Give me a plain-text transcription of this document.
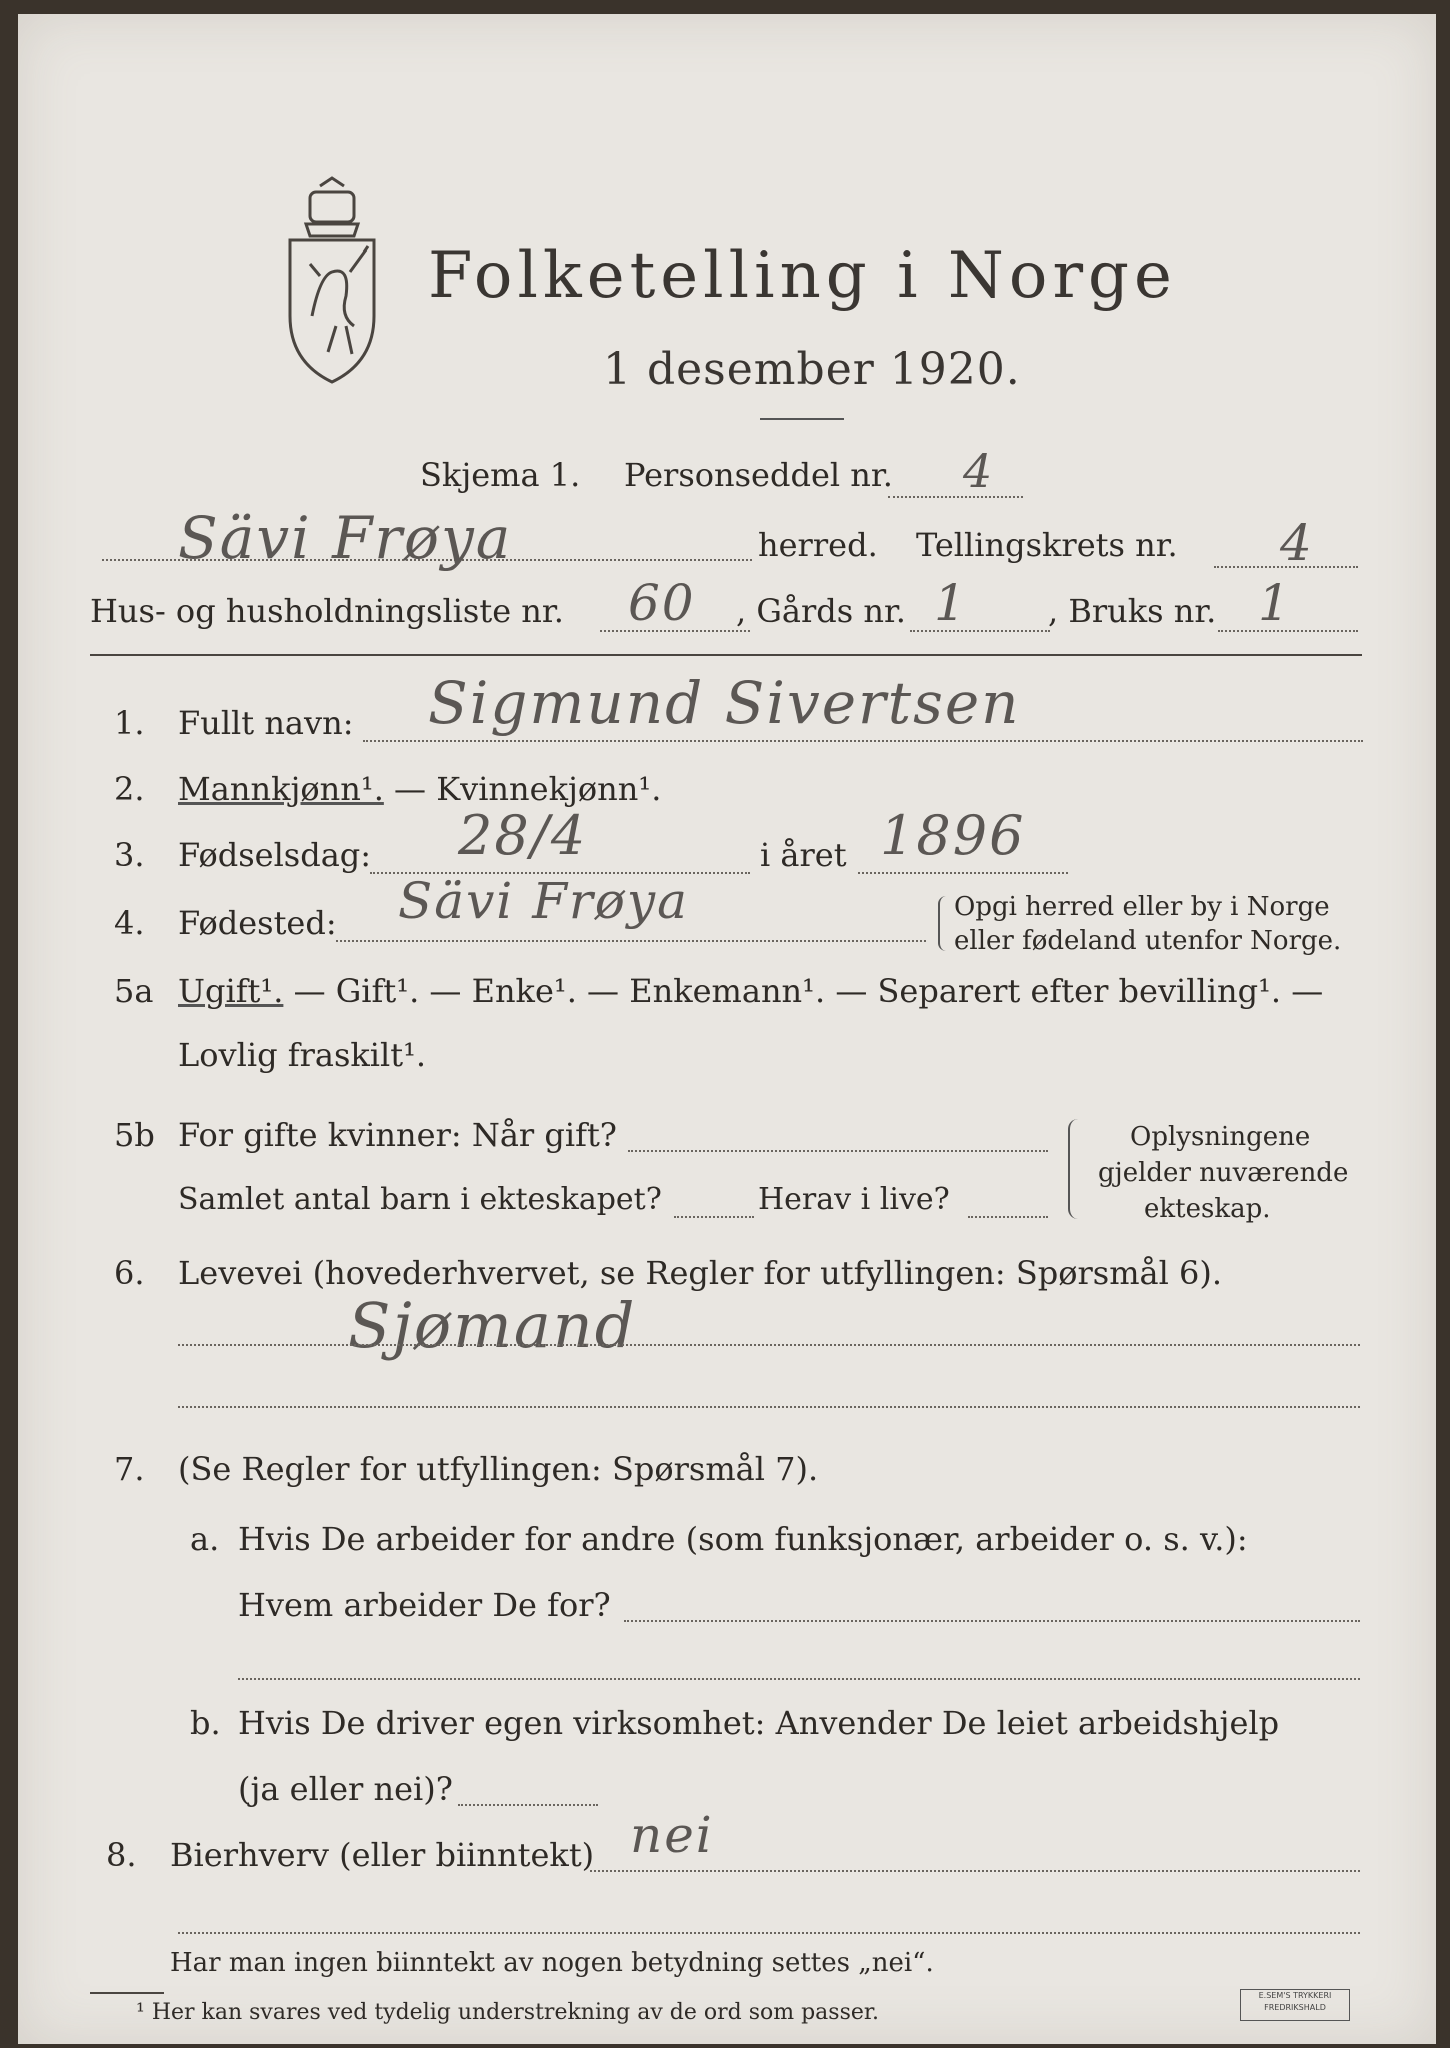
Folketelling i Norge
1 desember 1920.
Skjema 1. Personseddel nr. 4
Sävi Frøya	herred. Tellingskrets nr. 4
Hus- og husholdningsliste nr. 60 , Gårds nr. 1	, Bruks nr. 1
1. Fullt navn: Sigmund Sivertsen
2. Mannkjønn¹. — Kvinnekjønn¹.
3. Fødselsdag: 28/4	i året 1896
4. Fødested: Sävi Frøya	Opgi herred eller by i Norge
eller fødeland utenfor Norge.
5a Ugift¹. — Gift¹. — Enke¹. — Enkemann¹. — Separert efter bevilling¹. —
Lovlig fraskilt¹.
5b For gifte kvinner: Når gift?
Samlet antal barn i ekteskapet?	Herav i live?
Oplysningene
gjelder nuværende
ekteskap.
6. Levevei (hovederhvervet, se Regler for utfyllingen: Spørsmål 6).
Sjømand
7. (Se Regler for utfyllingen: Spørsmål 7).
a. Hvis De arbeider for andre (som funksjonær, arbeider o. s. v.):
Hvem arbeider De for?
b. Hvis De driver egen virksomhet: Anvender De leiet arbeidshjelp
(ja eller nei)?
8. Bierhverv (eller biinntekt) nei
Har man ingen biinntekt av nogen betydning settes „nei“.
¹ Her kan svares ved tydelig understrekning av de ord som passer.
E.SEM'S TRYKKERI
FREDRIKSHALD
